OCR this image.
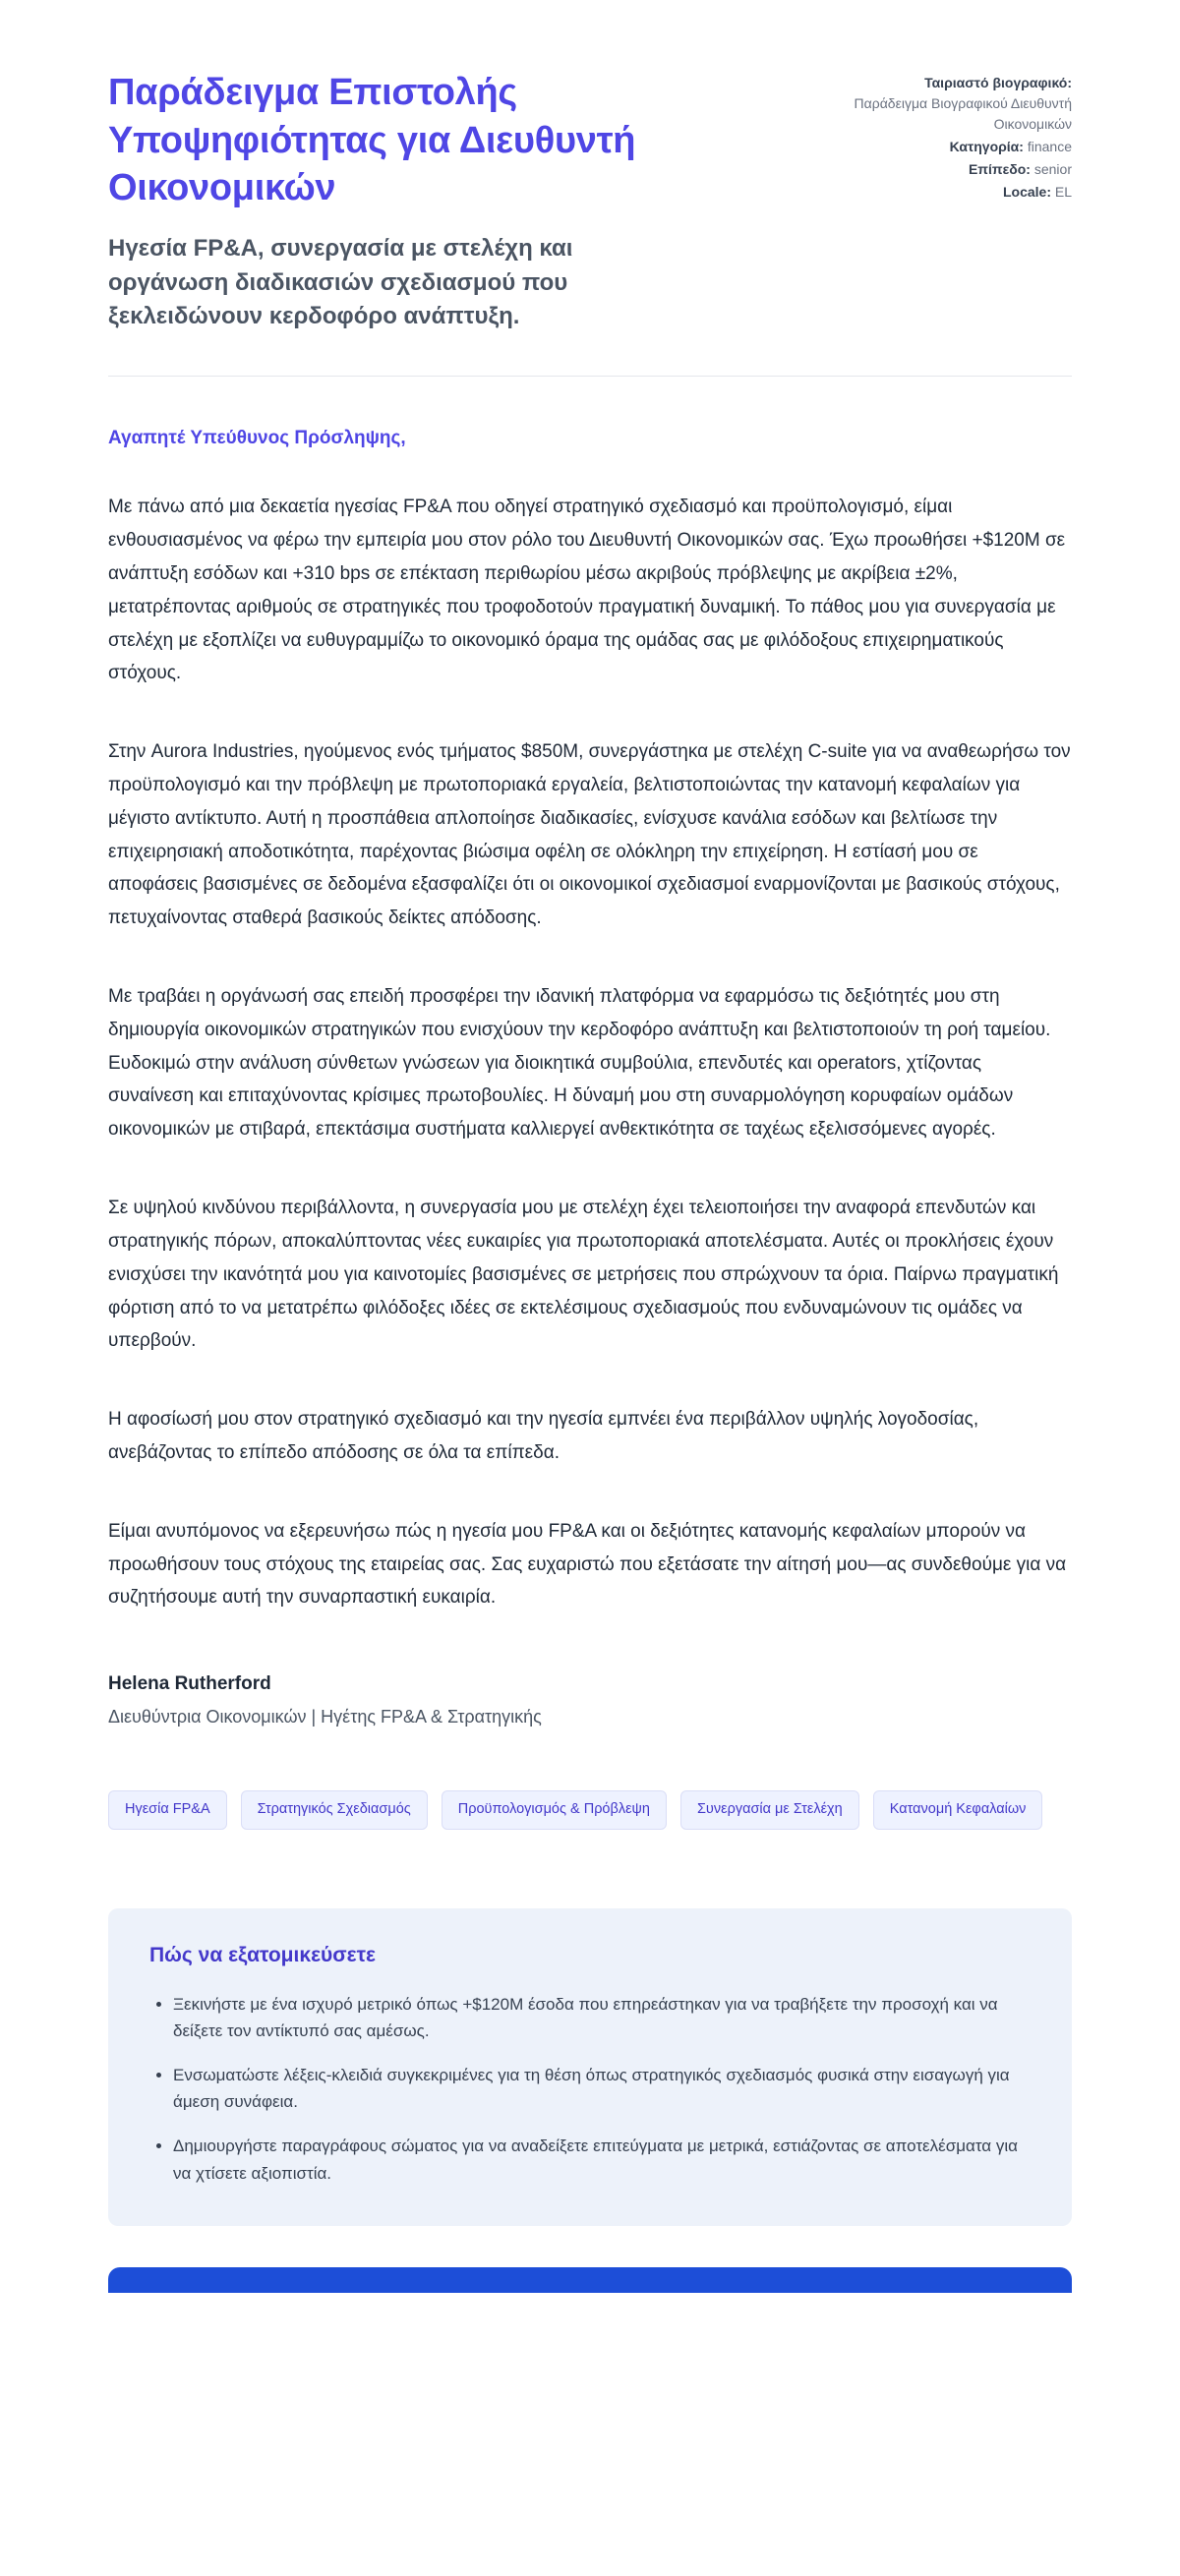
Παράδειγμα Επιστολής Υποψηφιότητας για Διευθυντή Οικονομικών

Ηγεσία FP&A, συνεργασία με στελέχη και οργάνωση διαδικασιών σχεδιασμού που ξεκλειδώνουν κερδοφόρο ανάπτυξη.

Ταιριαστό βιογραφικό:
Παράδειγμα Βιογραφικού Διευθυντή Οικονομικών
Κατηγορία: finance
Επίπεδο: senior
Locale: EL

Αγαπητέ Υπεύθυνος Πρόσληψης,

Με πάνω από μια δεκαετία ηγεσίας FP&A που οδηγεί στρατηγικό σχεδιασμό και προϋπολογισμό, είμαι ενθουσιασμένος να φέρω την εμπειρία μου στον ρόλο του Διευθυντή Οικονομικών σας. Έχω προωθήσει +$120M σε ανάπτυξη εσόδων και +310 bps σε επέκταση περιθωρίου μέσω ακριβούς πρόβλεψης με ακρίβεια ±2%, μετατρέποντας αριθμούς σε στρατηγικές που τροφοδοτούν πραγματική δυναμική. Το πάθος μου για συνεργασία με στελέχη με εξοπλίζει να ευθυγραμμίζω το οικονομικό όραμα της ομάδας σας με φιλόδοξους επιχειρηματικούς στόχους.

Στην Aurora Industries, ηγούμενος ενός τμήματος $850M, συνεργάστηκα με στελέχη C-suite για να αναθεωρήσω τον προϋπολογισμό και την πρόβλεψη με πρωτοποριακά εργαλεία, βελτιστοποιώντας την κατανομή κεφαλαίων για μέγιστο αντίκτυπο. Αυτή η προσπάθεια απλοποίησε διαδικασίες, ενίσχυσε κανάλια εσόδων και βελτίωσε την επιχειρησιακή αποδοτικότητα, παρέχοντας βιώσιμα οφέλη σε ολόκληρη την επιχείρηση. Η εστίασή μου σε αποφάσεις βασισμένες σε δεδομένα εξασφαλίζει ότι οι οικονομικοί σχεδιασμοί εναρμονίζονται με βασικούς στόχους, πετυχαίνοντας σταθερά βασικούς δείκτες απόδοσης.

Με τραβάει η οργάνωσή σας επειδή προσφέρει την ιδανική πλατφόρμα να εφαρμόσω τις δεξιότητές μου στη δημιουργία οικονομικών στρατηγικών που ενισχύουν την κερδοφόρο ανάπτυξη και βελτιστοποιούν τη ροή ταμείου. Ευδοκιμώ στην ανάλυση σύνθετων γνώσεων για διοικητικά συμβούλια, επενδυτές και operators, χτίζοντας συναίνεση και επιταχύνοντας κρίσιμες πρωτοβουλίες. Η δύναμή μου στη συναρμολόγηση κορυφαίων ομάδων οικονομικών με στιβαρά, επεκτάσιμα συστήματα καλλιεργεί ανθεκτικότητα σε ταχέως εξελισσόμενες αγορές.

Σε υψηλού κινδύνου περιβάλλοντα, η συνεργασία μου με στελέχη έχει τελειοποιήσει την αναφορά επενδυτών και στρατηγικής πόρων, αποκαλύπτοντας νέες ευκαιρίες για πρωτοποριακά αποτελέσματα. Αυτές οι προκλήσεις έχουν ενισχύσει την ικανότητά μου για καινοτομίες βασισμένες σε μετρήσεις που σπρώχνουν τα όρια. Παίρνω πραγματική φόρτιση από το να μετατρέπω φιλόδοξες ιδέες σε εκτελέσιμους σχεδιασμούς που ενδυναμώνουν τις ομάδες να υπερβούν.

Η αφοσίωσή μου στον στρατηγικό σχεδιασμό και την ηγεσία εμπνέει ένα περιβάλλον υψηλής λογοδοσίας, ανεβάζοντας το επίπεδο απόδοσης σε όλα τα επίπεδα.

Είμαι ανυπόμονος να εξερευνήσω πώς η ηγεσία μου FP&A και οι δεξιότητες κατανομής κεφαλαίων μπορούν να προωθήσουν τους στόχους της εταιρείας σας. Σας ευχαριστώ που εξετάσατε την αίτησή μου—ας συνδεθούμε για να συζητήσουμε αυτή την συναρπαστική ευκαιρία.

Helena Rutherford

Διευθύντρια Οικονομικών | Ηγέτης FP&A & Στρατηγικής

Ηγεσία FP&A	Στρατηγικός Σχεδιασμός	Προϋπολογισμός & Πρόβλεψη	Συνεργασία με Στελέχη	Κατανομή Κεφαλαίων
Πώς να εξατομικεύσετε
• Ξεκινήστε με ένα ισχυρό μετρικό όπως +$120M έσοδα που επηρεάστηκαν για να τραβήξετε την προσοχή και να δείξετε τον αντίκτυπό σας αμέσως.
• Ενσωματώστε λέξεις-κλειδιά συγκεκριμένες για τη θέση όπως στρατηγικός σχεδιασμός φυσικά στην εισαγωγή για άμεση συνάφεια.
• Δημιουργήστε παραγράφους σώματος για να αναδείξετε επιτεύγματα με μετρικά, εστιάζοντας σε αποτελέσματα για να χτίσετε αξιοπιστία.
